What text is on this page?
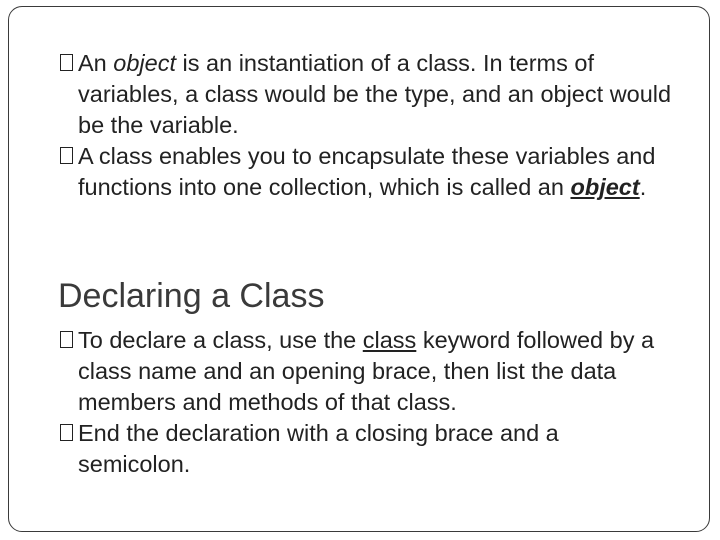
An object is an instantiation of a class. In terms of variables, a class would be the type, and an object would be the variable.

A class enables you to encapsulate these variables and functions into one collection, which is called an object.

Declaring a Class

To declare a class, use the class keyword followed by a class name and an opening brace, then list the data members and methods of that class.

End the declaration with a closing brace and a semicolon.
